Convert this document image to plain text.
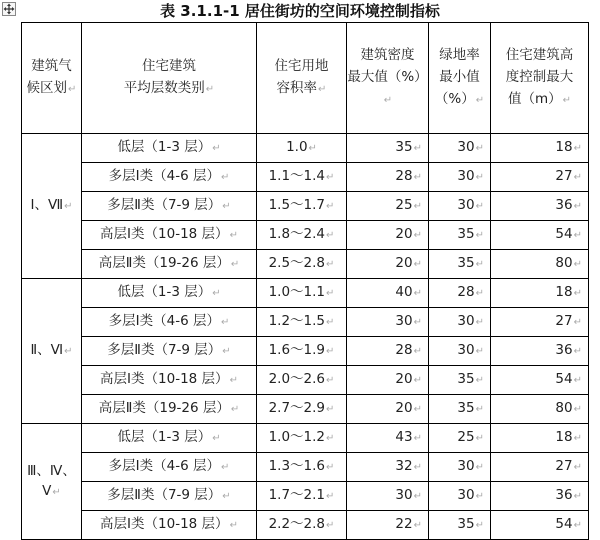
表 3.1.1-1 居住街坊的空间环境控制指标
建筑气
候区划↵	住宅建筑
平均层数类别↵	住宅用地
容积率↵	建筑密度
最大值（%）↵	绿地率
最小值
（%）↵	住宅建筑高
度控制最大
值（m）↵

Ⅰ、Ⅶ↵	低层（1-3 层）↵	1.0↵	35↵	30↵	18↵
	多层Ⅰ类（4-6 层）↵	1.1～1.4↵	28↵	30↵	27↵
	多层Ⅱ类（7-9 层）↵	1.5～1.7↵	25↵	30↵	36↵
	高层Ⅰ类（10-18 层）↵	1.8～2.4↵	20↵	35↵	54↵
	高层Ⅱ类（19-26 层）↵	2.5～2.8↵	20↵	35↵	80↵

Ⅱ、Ⅵ↵	低层（1-3 层）↵	1.0～1.1↵	40↵	28↵	18↵
	多层Ⅰ类（4-6 层）↵	1.2～1.5↵	30↵	30↵	27↵
	多层Ⅱ类（7-9 层）↵	1.6～1.9↵	28↵	30↵	36↵
	高层Ⅰ类（10-18 层）↵	2.0～2.6↵	20↵	35↵	54↵
	高层Ⅱ类（19-26 层）↵	2.7～2.9↵	20↵	35↵	80↵

Ⅲ、Ⅳ、Ⅴ↵	低层（1-3 层）↵	1.0～1.2↵	43↵	25↵	18↵
	多层Ⅰ类（4-6 层）↵	1.3～1.6↵	32↵	30↵	27↵
	多层Ⅱ类（7-9 层）↵	1.7～2.1↵	30↵	30↵	36↵
	高层Ⅰ类（10-18 层）↵	2.2～2.8↵	22↵	35↵	54↵
